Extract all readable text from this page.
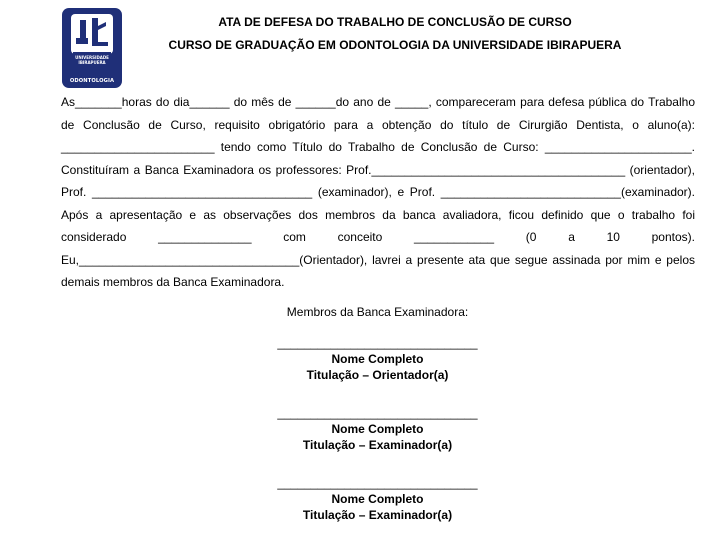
UNIVERSIDADE
IBIRAPUERA
ODONTOLOGIA
ATA DE DEFESA DO TRABALHO DE CONCLUSÃO DE CURSO
CURSO DE GRADUAÇÃO EM ODONTOLOGIA DA UNIVERSIDADE IBIRAPUERA

As_______horas do dia______ do mês de ______do ano de _____, compareceram para defesa pública do Trabalho

de Conclusão de Curso, requisito obrigatório para a obtenção do título de Cirurgião Dentista, o aluno(a):

_______________________ tendo como Título do Trabalho de Conclusão de Curso: ______________________.

Constituíram a Banca Examinadora os professores: Prof.______________________________________ (orientador),

Prof. _________________________________ (examinador), e Prof. ___________________________(examinador).

Após a apresentação e as observações dos membros da banca avaliadora, ficou definido que o trabalho foi

considerado ______________ com conceito ____________ (0 a 10 pontos).

Eu,_________________________________(Orientador), lavrei a presente ata que segue assinada por mim e pelos

demais membros da Banca Examinadora.

Membros da Banca Examinadora:
______________________________
Nome Completo
Titulação – Orientador(a)
______________________________
Nome Completo
Titulação – Examinador(a)
______________________________
Nome Completo
Titulação – Examinador(a)
